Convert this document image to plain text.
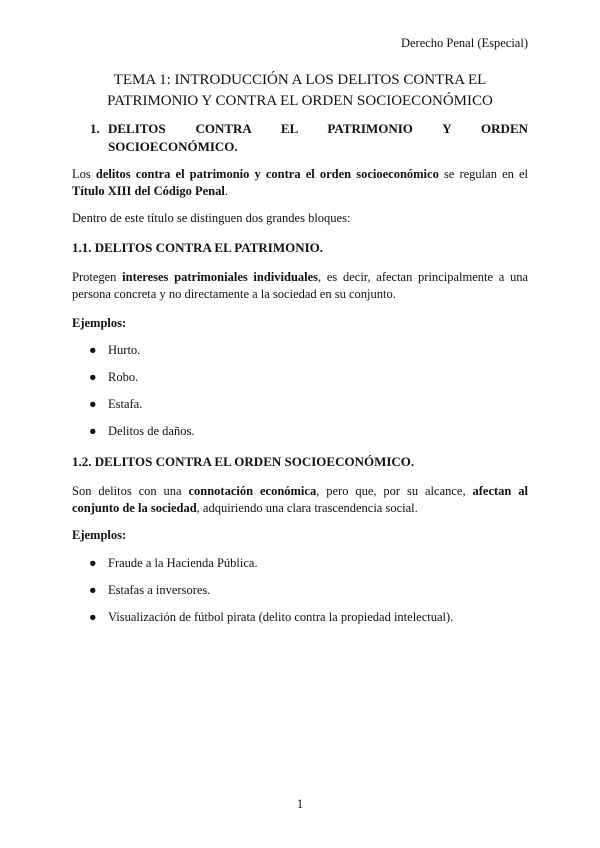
Derecho Penal (Especial)
TEMA 1: INTRODUCCIÓN A LOS DELITOS CONTRA EL
PATRIMONIO Y CONTRA EL ORDEN SOCIOECONÓMICO
1. DELITOS CONTRA EL PATRIMONIO Y ORDEN
SOCIOECONÓMICO.
Los delitos contra el patrimonio y contra el orden socioeconómico se regulan en el Título XIII del Código Penal.
Dentro de este título se distinguen dos grandes bloques:
1.1. DELITOS CONTRA EL PATRIMONIO.
Protegen intereses patrimoniales individuales, es decir, afectan principalmente a una persona concreta y no directamente a la sociedad en su conjunto.
Ejemplos:
● Hurto.
● Robo.
● Estafa.
● Delitos de daños.
1.2. DELITOS CONTRA EL ORDEN SOCIOECONÓMICO.
Son delitos con una connotación económica, pero que, por su alcance, afectan al conjunto de la sociedad, adquiriendo una clara trascendencia social.
Ejemplos:
● Fraude a la Hacienda Pública.
● Estafas a inversores.
● Visualización de fútbol pirata (delito contra la propiedad intelectual).
1
